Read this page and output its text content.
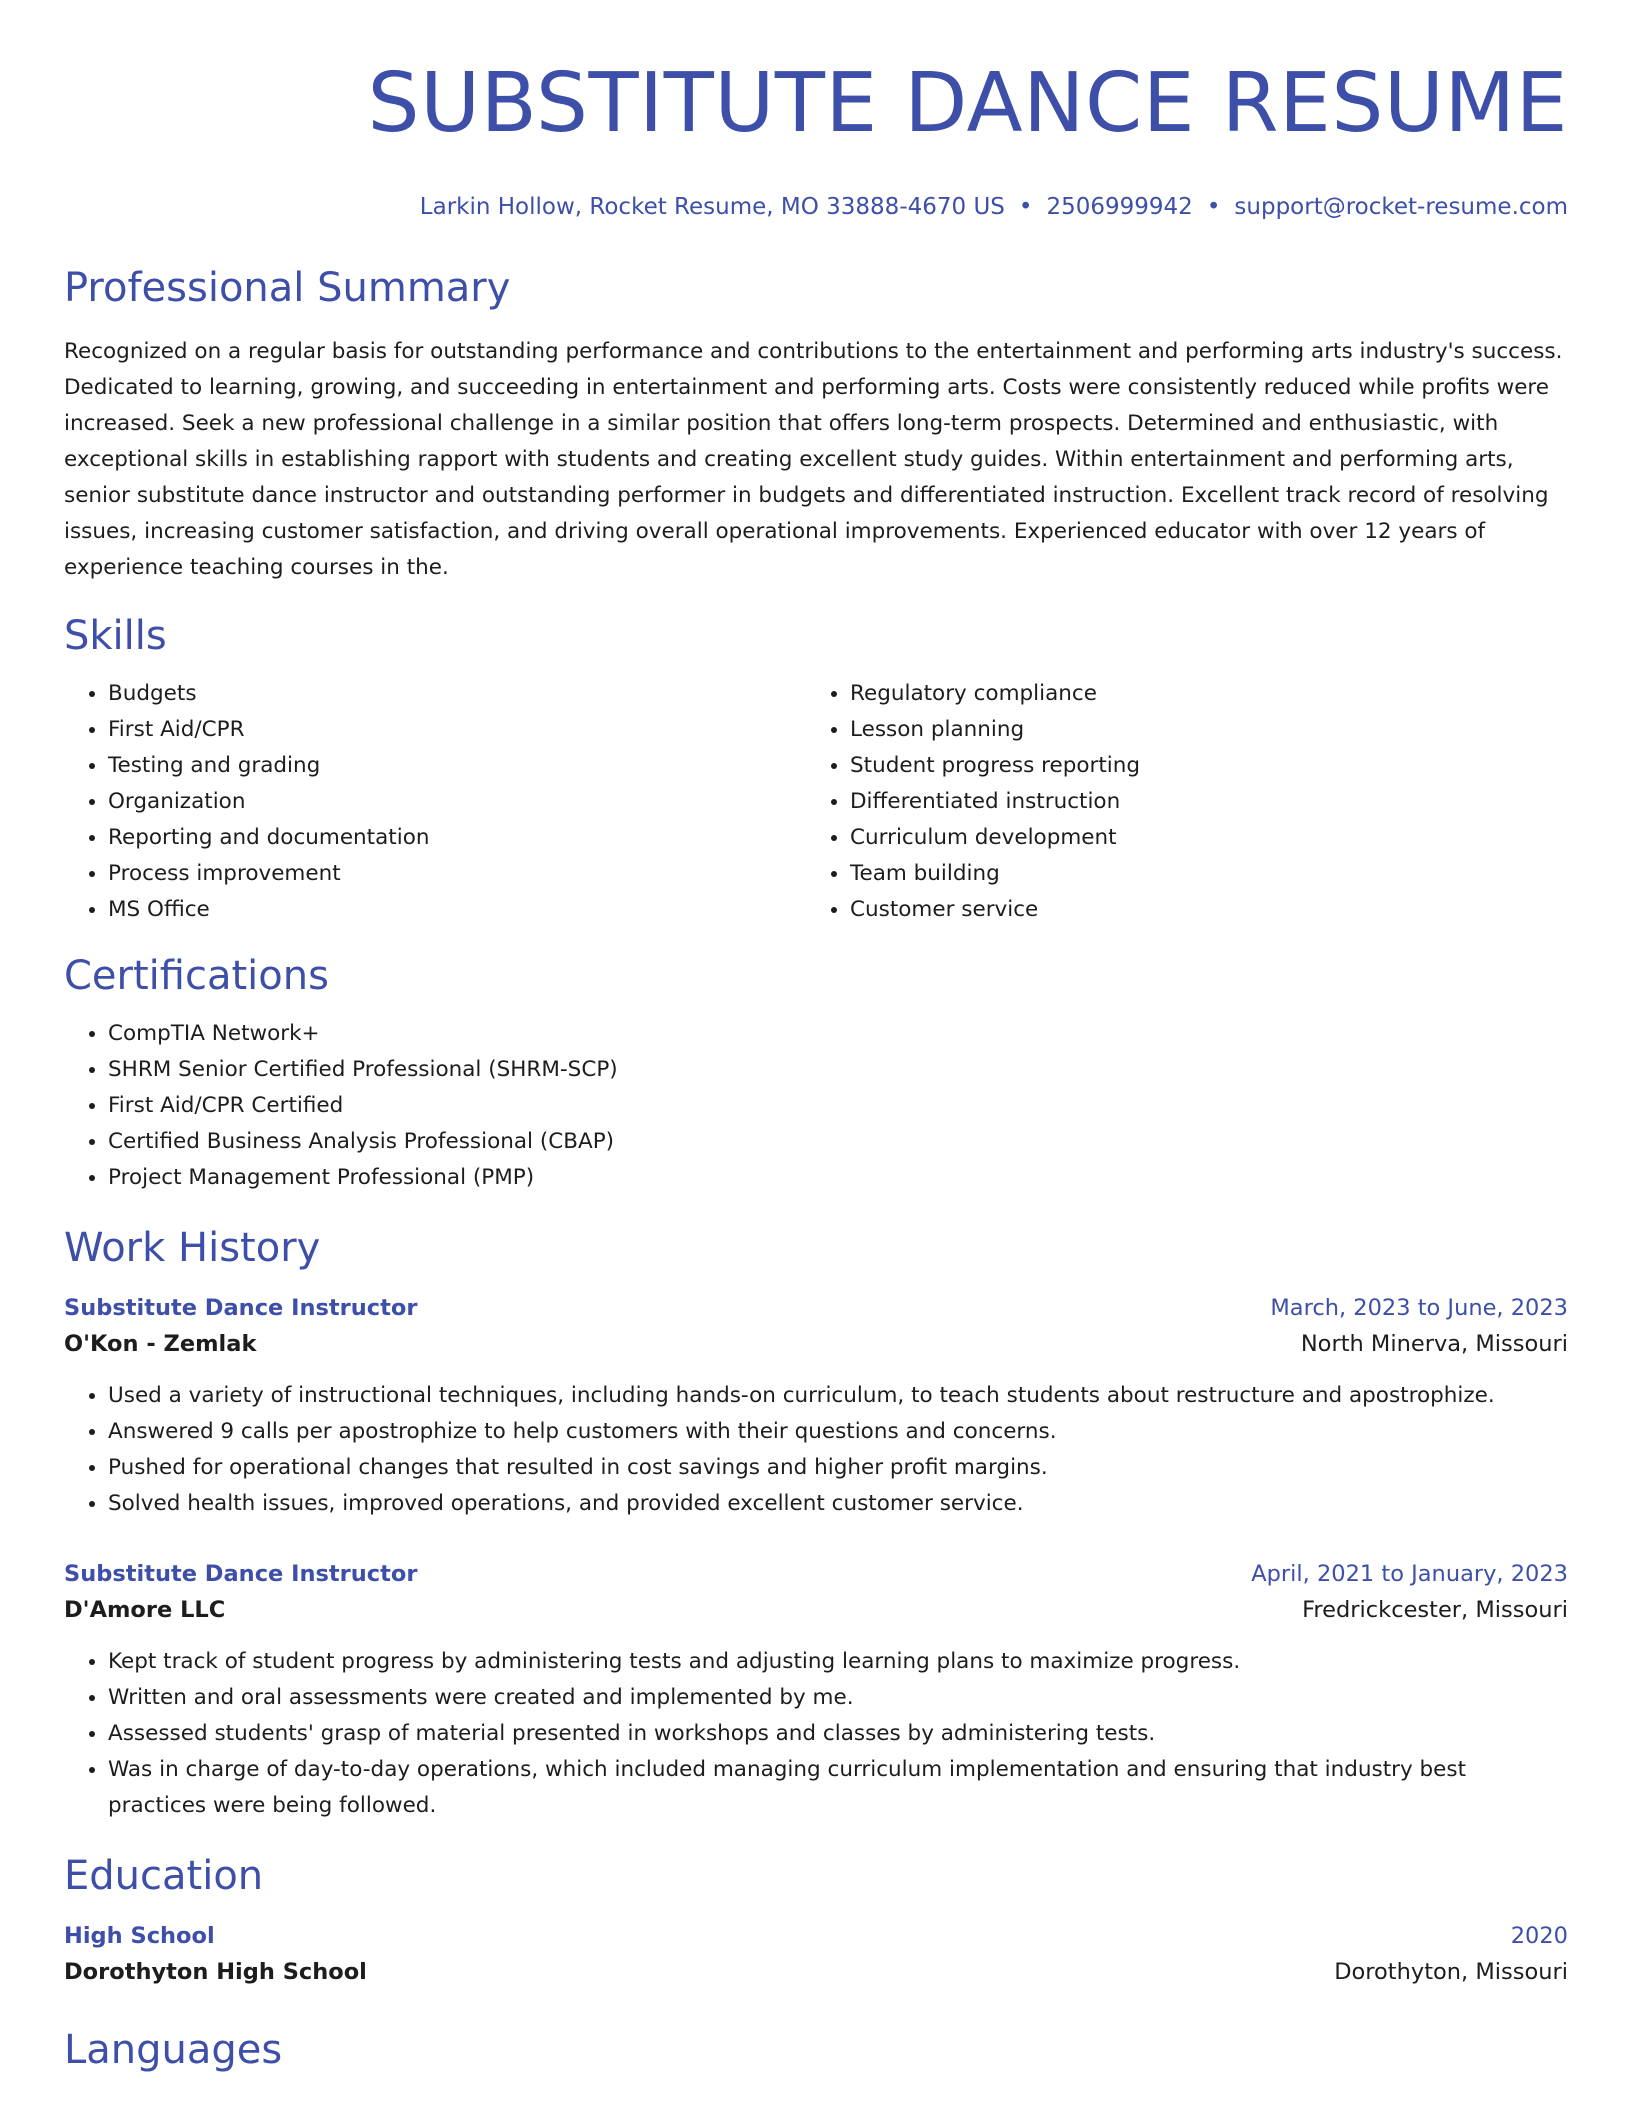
SUBSTITUTE DANCE RESUME
Larkin Hollow, Rocket Resume, MO 33888-4670 US • 2506999942 • support@rocket-resume.com
Professional Summary

Recognized on a regular basis for outstanding performance and contributions to the entertainment and performing arts industry's success. Dedicated to learning, growing, and succeeding in entertainment and performing arts. Costs were consistently reduced while profits were increased. Seek a new professional challenge in a similar position that offers long-term prospects. Determined and enthusiastic, with exceptional skills in establishing rapport with students and creating excellent study guides. Within entertainment and performing arts, senior substitute dance instructor and outstanding performer in budgets and differentiated instruction. Excellent track record of resolving issues, increasing customer satisfaction, and driving overall operational improvements. Experienced educator with over 12 years of experience teaching courses in the.

Skills
• Budgets
• First Aid/CPR
• Testing and grading
• Organization
• Reporting and documentation
• Process improvement
• MS Office
• Regulatory compliance
• Lesson planning
• Student progress reporting
• Differentiated instruction
• Curriculum development
• Team building
• Customer service
Certifications
• CompTIA Network+
• SHRM Senior Certified Professional (SHRM-SCP)
• First Aid/CPR Certified
• Certified Business Analysis Professional (CBAP)
• Project Management Professional (PMP)
Work History
Substitute Dance Instructor	March, 2023 to June, 2023
O'Kon - Zemlak	North Minerva, Missouri
• Used a variety of instructional techniques, including hands-on curriculum, to teach students about restructure and apostrophize.
• Answered 9 calls per apostrophize to help customers with their questions and concerns.
• Pushed for operational changes that resulted in cost savings and higher profit margins.
• Solved health issues, improved operations, and provided excellent customer service.
Substitute Dance Instructor	April, 2021 to January, 2023
D'Amore LLC	Fredrickcester, Missouri
• Kept track of student progress by administering tests and adjusting learning plans to maximize progress.
• Written and oral assessments were created and implemented by me.
• Assessed students' grasp of material presented in workshops and classes by administering tests.
• Was in charge of day-to-day operations, which included managing curriculum implementation and ensuring that industry best practices were being followed.
Education
High School	2020
Dorothyton High School	Dorothyton, Missouri
Languages
